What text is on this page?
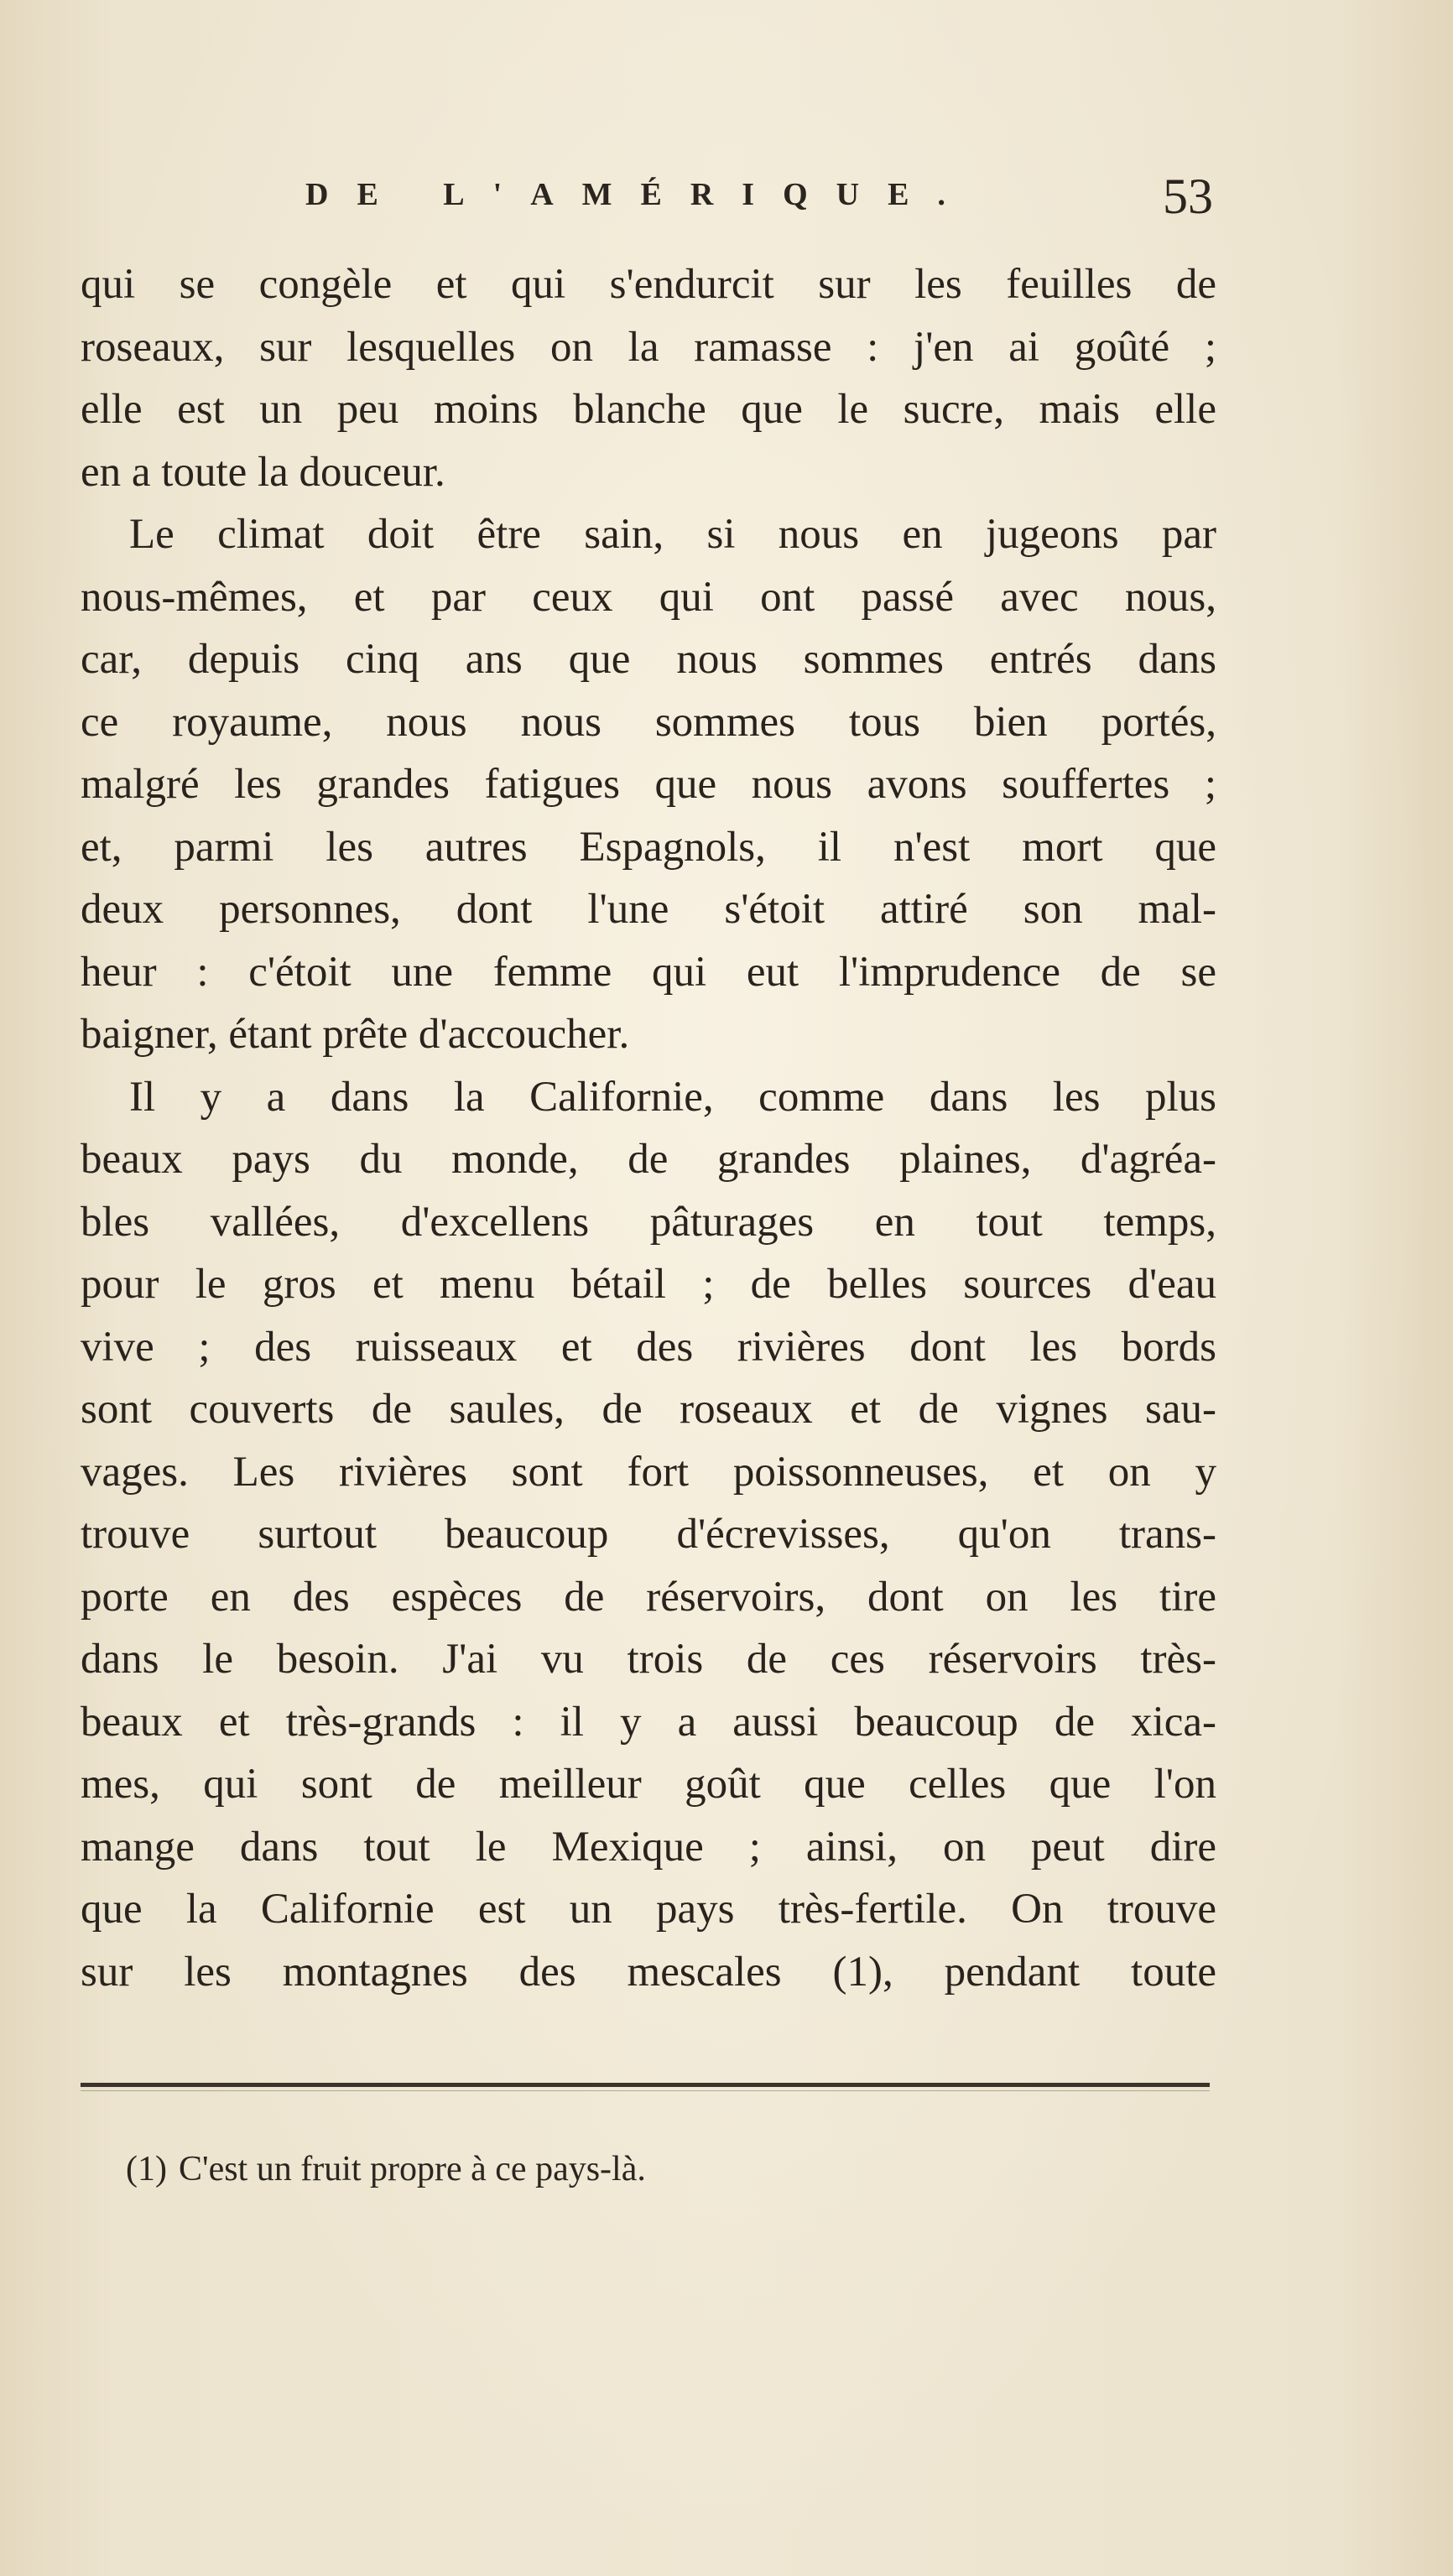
DE L'AMÉRIQUE.	53
qui se congèle et qui s'endurcit sur les feuilles de
roseaux, sur lesquelles on la ramasse : j'en ai goûté ;
elle est un peu moins blanche que le sucre, mais elle
en a toute la douceur.
Le climat doit être sain, si nous en jugeons par
nous-mêmes, et par ceux qui ont passé avec nous,
car, depuis cinq ans que nous sommes entrés dans
ce royaume, nous nous sommes tous bien portés,
malgré les grandes fatigues que nous avons souffertes ;
et, parmi les autres Espagnols, il n'est mort que
deux personnes, dont l'une s'étoit attiré son mal-
heur : c'étoit une femme qui eut l'imprudence de se
baigner, étant prête d'accoucher.
Il y a dans la Californie, comme dans les plus
beaux pays du monde, de grandes plaines, d'agréa-
bles vallées, d'excellens pâturages en tout temps,
pour le gros et menu bétail ; de belles sources d'eau
vive ; des ruisseaux et des rivières dont les bords
sont couverts de saules, de roseaux et de vignes sau-
vages. Les rivières sont fort poissonneuses, et on y
trouve surtout beaucoup d'écrevisses, qu'on trans-
porte en des espèces de réservoirs, dont on les tire
dans le besoin. J'ai vu trois de ces réservoirs très-
beaux et très-grands : il y a aussi beaucoup de xica-
mes, qui sont de meilleur goût que celles que l'on
mange dans tout le Mexique ; ainsi, on peut dire
que la Californie est un pays très-fertile. On trouve
sur les montagnes des mescales (1), pendant toute
(1) C'est un fruit propre à ce pays-là.
